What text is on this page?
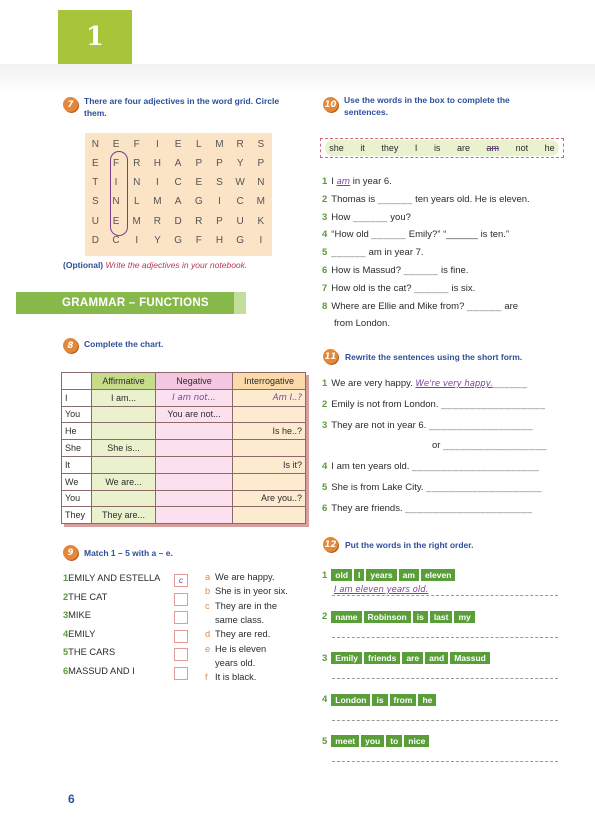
1
7	There are four adjectives in the word grid. Circle them.
N	E	F	I	E	L	M	R	S
E	F	R	H	A	P	P	Y	P
T	I	N	I	C	E	S	W	N
S	N	L	M	A	G	I	C	M
U	E	M	R	D	R	P	U	K
D	C	I	Y	G	F	H	G	I
(Optional) Write the adjectives in your notebook.
GRAMMAR – FUNCTIONS
8	Complete the chart.
	Affirmative	Negative	Interrogative
I	I am...	I am not...	Am I..?
You		You are not...	
He			Is he..?
She	She is...		
It			Is it?
We	We are...		
You			Are you..?
They	They are...		
9	Match 1 – 5 with a – e.
1EMILY AND ESTELLA	c
2THE CAT
3MIKE
4EMILY
5THE CARS
6MASSUD AND I
a We are happy.
b She is in yeor six.
c They are in the
same class.
d They are red.
e He is eleven
years old.
f It is black.
10 Use the words in the box to complete the sentences.
she it they I is are am not he
1 I am in year 6.
2 Thomas is ______ ten years old. He is eleven.
3 How ______ you?
4 “How old ______ Emily?” “______ is ten.”
5 ______ am in year 7.
6 How is Massud? ______ is fine.
7 How old is the cat? ______ is six.
8 Where are Ellie and Mike from? ______ are
from London.
11 Rewrite the sentences using the short form.
1 We are very happy. We're very happy.______
2 Emily is not from London. __________________
3 They are not in year 6. __________________
or __________________
4 I am ten years old. ______________________
5 She is from Lake City. ____________________
6 They are friends. ______________________
12 Put the words in the right order.
1 old	I	years	am	eleven
I am eleven years old.
2 name	Robinson	is	last	my
3 Emily	friends	are	and	Massud
4 London	is	from	he
5 meet	you	to	nice
6
